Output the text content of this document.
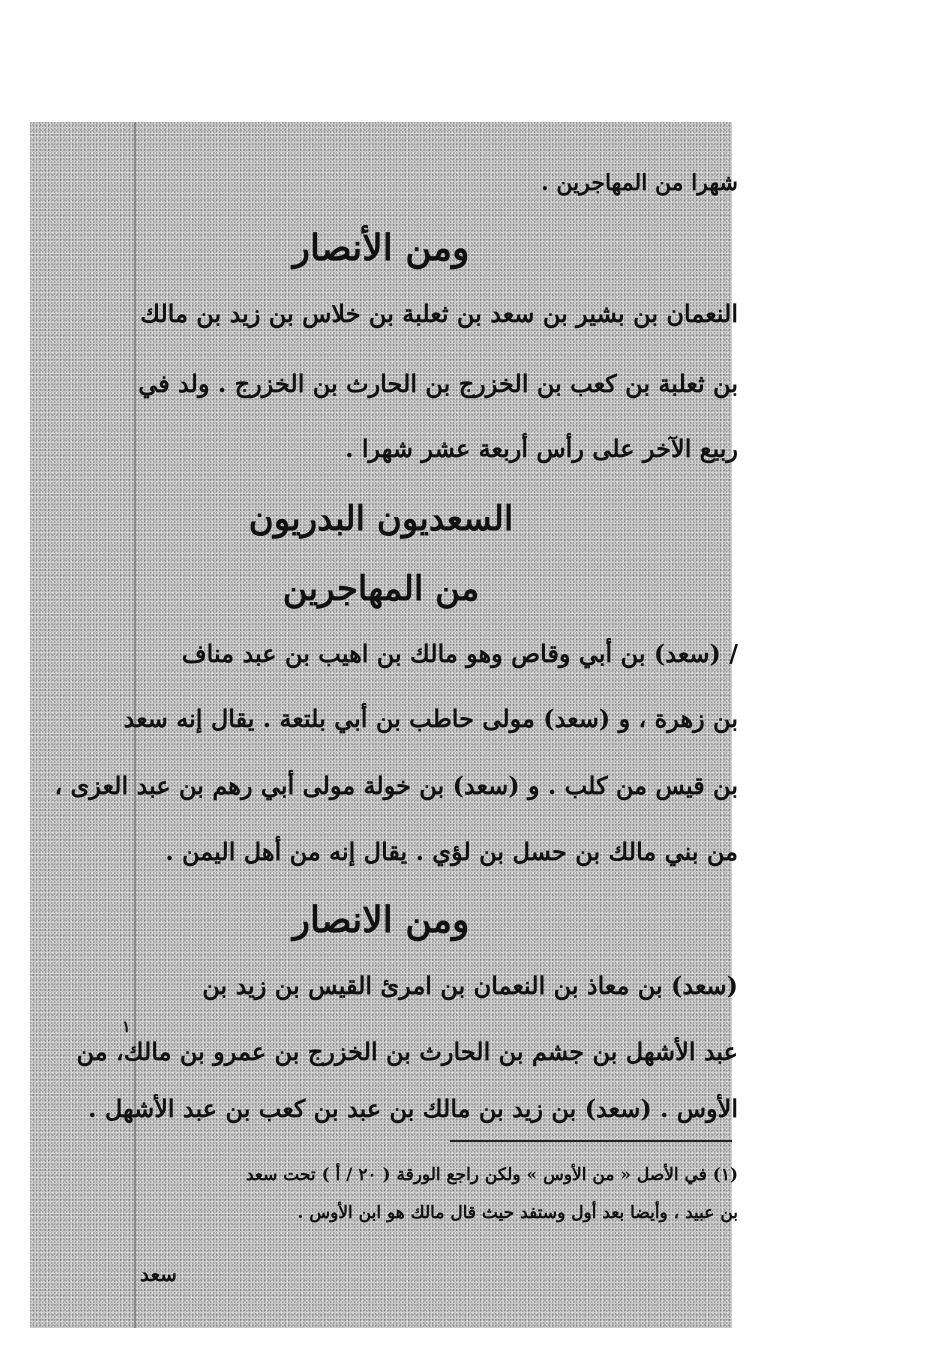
شهرا من المهاجرين .
ومن الأنصار
النعمان بن بشير بن سعد بن ثعلبة بن خلاس بن زيد بن مالك
بن ثعلبة بن كعب بن الخزرج بن الحارث بن الخزرج . ولد في
ربيع الآخر على رأس أربعة عشر شهرا .
السعديون البدريون
من المهاجرين
/ (سعد) بن أبي وقاص وهو مالك بن اهيب بن عبد مناف
بن زهرة ، و (سعد) مولى حاطب بن أبي بلتعة . يقال إنه سعد
بن قيس من كلب . و (سعد) بن خولة مولى أبي رهم بن عبد العزى ،
من بني مالك بن حسل بن لؤي . يقال إنه من أهل اليمن .
ومن الانصار
(سعد) بن معاذ بن النعمان بن امرئ القيس بن زيد بن
١
عبد الأشهل بن جشم بن الحارث بن الخزرج بن عمرو بن مالك، من
الأوس . (سعد) بن زيد بن مالك بن عبد بن كعب بن عبد الأشهل .
(١) في الأصل « من الأوس » ولكن راجع الورقة ( ٢٠ / أ ) تحت سعد
بن عبيد ، وأيضا بعد أول وستفد حيث قال مالك هو ابن الأوس .
سعد
